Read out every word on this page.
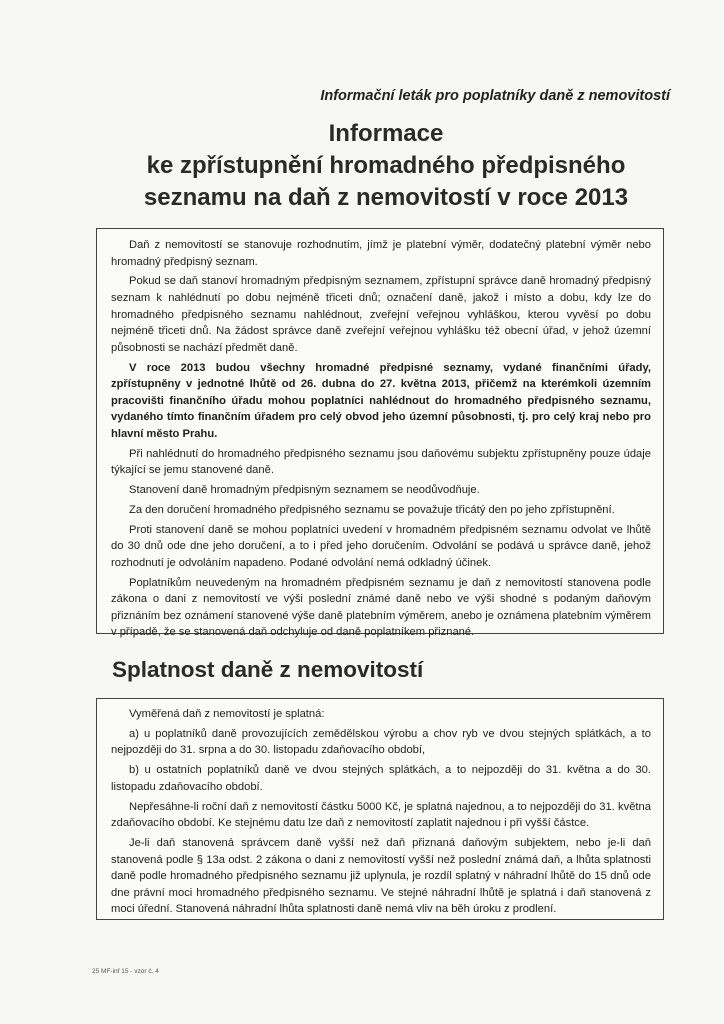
Informační leták pro poplatníky daně z nemovitostí
Informace
ke zpřístupnění hromadného předpisného
seznamu na daň z nemovitostí v roce 2013

Daň z nemovitostí se stanovuje rozhodnutím, jímž je platební výměr, dodatečný platební výměr nebo hromadný předpisný seznam.

Pokud se daň stanoví hromadným předpisným seznamem, zpřístupní správce daně hromadný předpisný seznam k nahlédnutí po dobu nejméně třiceti dnů; označení daně, jakož i místo a dobu, kdy lze do hromadného předpisného seznamu nahlédnout, zveřejní veřejnou vyhláškou, kterou vyvěsí po dobu nejméně třiceti dnů. Na žádost správce daně zveřejní veřejnou vyhlášku též obecní úřad, v jehož územní působnosti se nachází předmět daně.

V roce 2013 budou všechny hromadné předpisné seznamy, vydané finančními úřady, zpřístupněny v jednotné lhůtě od 26. dubna do 27. května 2013, přičemž na kterémkoli územním pracovišti finančního úřadu mohou poplatníci nahlédnout do hromadného předpisného seznamu, vydaného tímto finančním úřadem pro celý obvod jeho územní působnosti, tj. pro celý kraj nebo pro hlavní město Prahu.

Při nahlédnutí do hromadného předpisného seznamu jsou daňovému subjektu zpřístupněny pouze údaje týkající se jemu stanovené daně.

Stanovení daně hromadným předpisným seznamem se neodůvodňuje.

Za den doručení hromadného předpisného seznamu se považuje třicátý den po jeho zpřístupnění.

Proti stanovení daně se mohou poplatníci uvedení v hromadném předpisném seznamu odvolat ve lhůtě do 30 dnů ode dne jeho doručení, a to i před jeho doručením. Odvolání se podává u správce daně, jehož rozhodnutí je odvoláním napadeno. Podané odvolání nemá odkladný účinek.

Poplatníkům neuvedeným na hromadném předpisném seznamu je daň z nemovitostí stanovena podle zákona o dani z nemovitostí ve výši poslední známé daně nebo ve výši shodné s podaným daňovým přiznáním bez oznámení stanovené výše daně platebním výměrem, anebo je oznámena platebním výměrem v případě, že se stanovená daň odchyluje od daně poplatníkem přiznané.

Splatnost daně z nemovitostí

Vyměřená daň z nemovitostí je splatná:

a) u poplatníků daně provozujících zemědělskou výrobu a chov ryb ve dvou stejných splátkách, a to nejpozději do 31. srpna a do 30. listopadu zdaňovacího období,

b) u ostatních poplatníků daně ve dvou stejných splátkách, a to nejpozději do 31. května a do 30. listopadu zdaňovacího období.

Nepřesáhne-li roční daň z nemovitostí částku 5000 Kč, je splatná najednou, a to nejpozději do 31. května zdaňovacího období. Ke stejnému datu lze daň z nemovitostí zaplatit najednou i při vyšší částce.

Je-li daň stanovená správcem daně vyšší než daň přiznaná daňovým subjektem, nebo je-li daň stanovená podle § 13a odst. 2 zákona o dani z nemovitostí vyšší než poslední známá daň, a lhůta splatnosti daně podle hromadného předpisného seznamu již uplynula, je rozdíl splatný v náhradní lhůtě do 15 dnů ode dne právní moci hromadného předpisného seznamu. Ve stejné náhradní lhůtě je splatná i daň stanovená z moci úřední. Stanovená náhradní lhůta splatnosti daně nemá vliv na běh úroku z prodlení.

25 MF-inf 15 - vzor č. 4
